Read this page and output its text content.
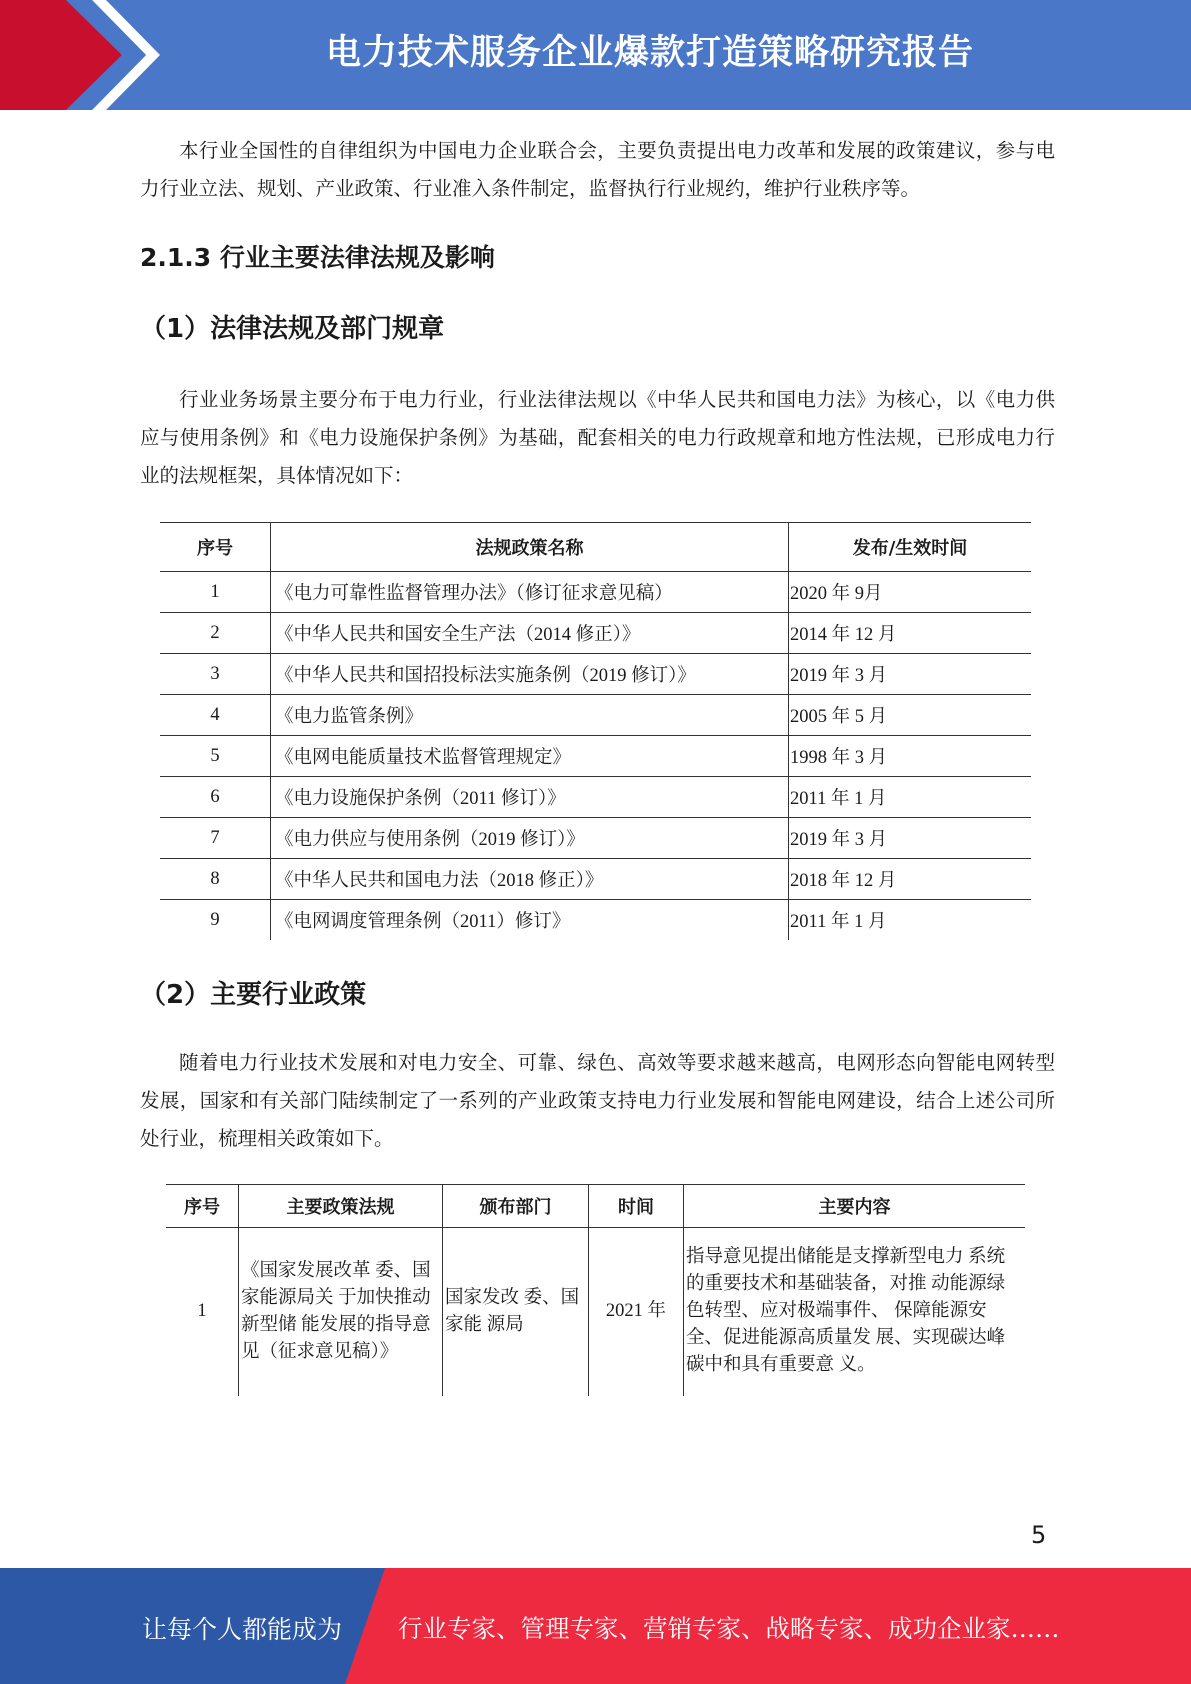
电力技术服务企业爆款打造策略研究报告

本行业全国性的自律组织为中国电力企业联合会，主要负责提出电力改革和发展的政策建议，参与电力行业立法、规划、产业政策、行业准入条件制定，监督执行行业规约，维护行业秩序等。

2.1.3 行业主要法律法规及影响
（1）法律法规及部门规章

行业业务场景主要分布于电力行业，行业法律法规以《中华人民共和国电力法》为核心，以《电力供应与使用条例》和《电力设施保护条例》为基础，配套相关的电力行政规章和地方性法规，已形成电力行业的法规框架，具体情况如下：

序号	法规政策名称	发布/生效时间
1	《电力可靠性监督管理办法》（修订征求意见稿）	2020 年 9月
2	《中华人民共和国安全生产法（2014 修正）》	2014 年 12 月
3	《中华人民共和国招投标法实施条例（2019 修订）》	2019 年 3 月
4	《电力监管条例》	2005 年 5 月
5	《电网电能质量技术监督管理规定》	1998 年 3 月
6	《电力设施保护条例（2011 修订）》	2011 年 1 月
7	《电力供应与使用条例（2019 修订）》	2019 年 3 月
8	《中华人民共和国电力法（2018 修正）》	2018 年 12 月
9	《电网调度管理条例（2011）修订》	2011 年 1 月
（2）主要行业政策

随着电力行业技术发展和对电力安全、可靠、绿色、高效等要求越来越高，电网形态向智能电网转型发展，国家和有关部门陆续制定了一系列的产业政策支持电力行业发展和智能电网建设，结合上述公司所处行业，梳理相关政策如下。

序号	主要政策法规	颁布部门	时间	主要内容
1	《国家发展改革 委、国家能源局关 于加快推动新型储 能发展的指导意见（征求意见稿）》	国家发改 委、国家能 源局	2021 年	指导意见提出储能是支撑新型电力 系统的重要技术和基础装备，对推 动能源绿色转型、应对极端事件、 保障能源安全、促进能源高质量发 展、实现碳达峰碳中和具有重要意 义。
5
让每个人都能成为 行业专家、管理专家、营销专家、战略专家、成功企业家……
